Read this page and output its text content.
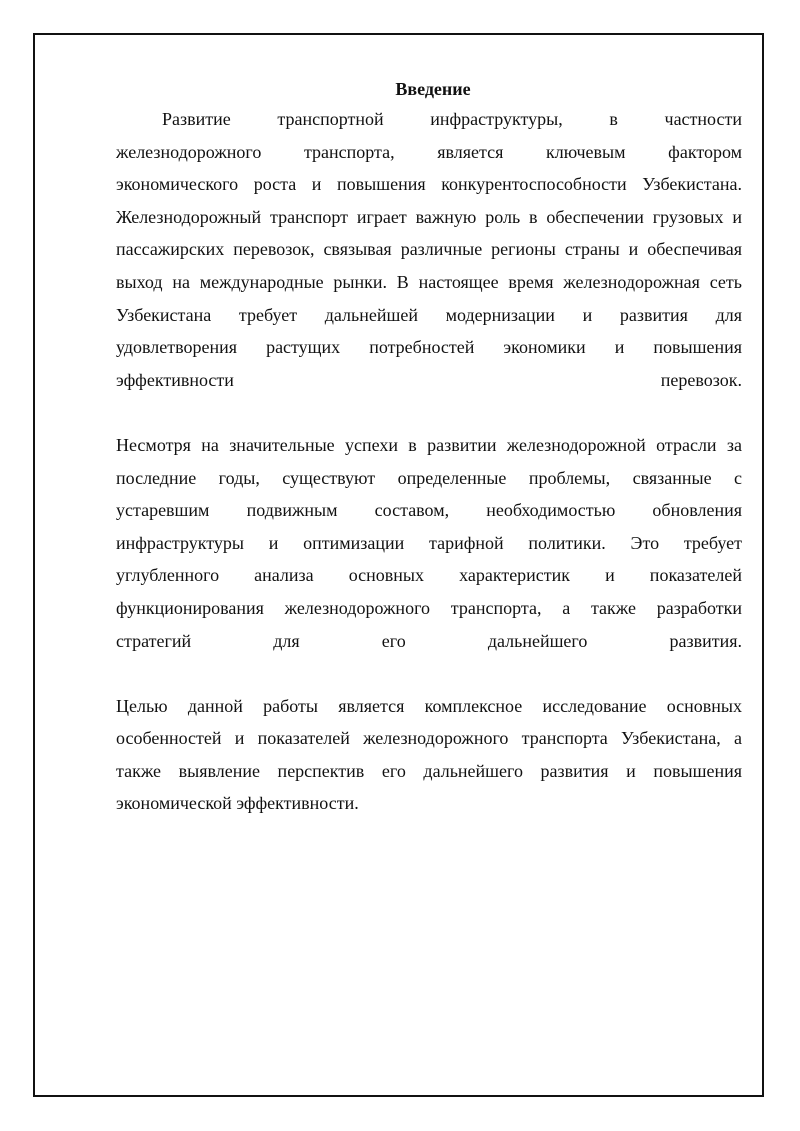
Введение
Развитие транспортной инфраструктуры, в частности
железнодорожного транспорта, является ключевым фактором
экономического роста и повышения конкурентоспособности Узбекистана.
Железнодорожный транспорт играет важную роль в обеспечении грузовых и
пассажирских перевозок, связывая различные регионы страны и обеспечивая
выход на международные рынки. В настоящее время железнодорожная сеть
Узбекистана требует дальнейшей модернизации и развития для
удовлетворения растущих потребностей экономики и повышения
эффективности перевозок.
Несмотря на значительные успехи в развитии железнодорожной отрасли за
последние годы, существуют определенные проблемы, связанные с
устаревшим подвижным составом, необходимостью обновления
инфраструктуры и оптимизации тарифной политики. Это требует
углубленного анализа основных характеристик и показателей
функционирования железнодорожного транспорта, а также разработки
стратегий для его дальнейшего развития.
Целью данной работы является комплексное исследование основных
особенностей и показателей железнодорожного транспорта Узбекистана, а
также выявление перспектив его дальнейшего развития и повышения
экономической эффективности.
